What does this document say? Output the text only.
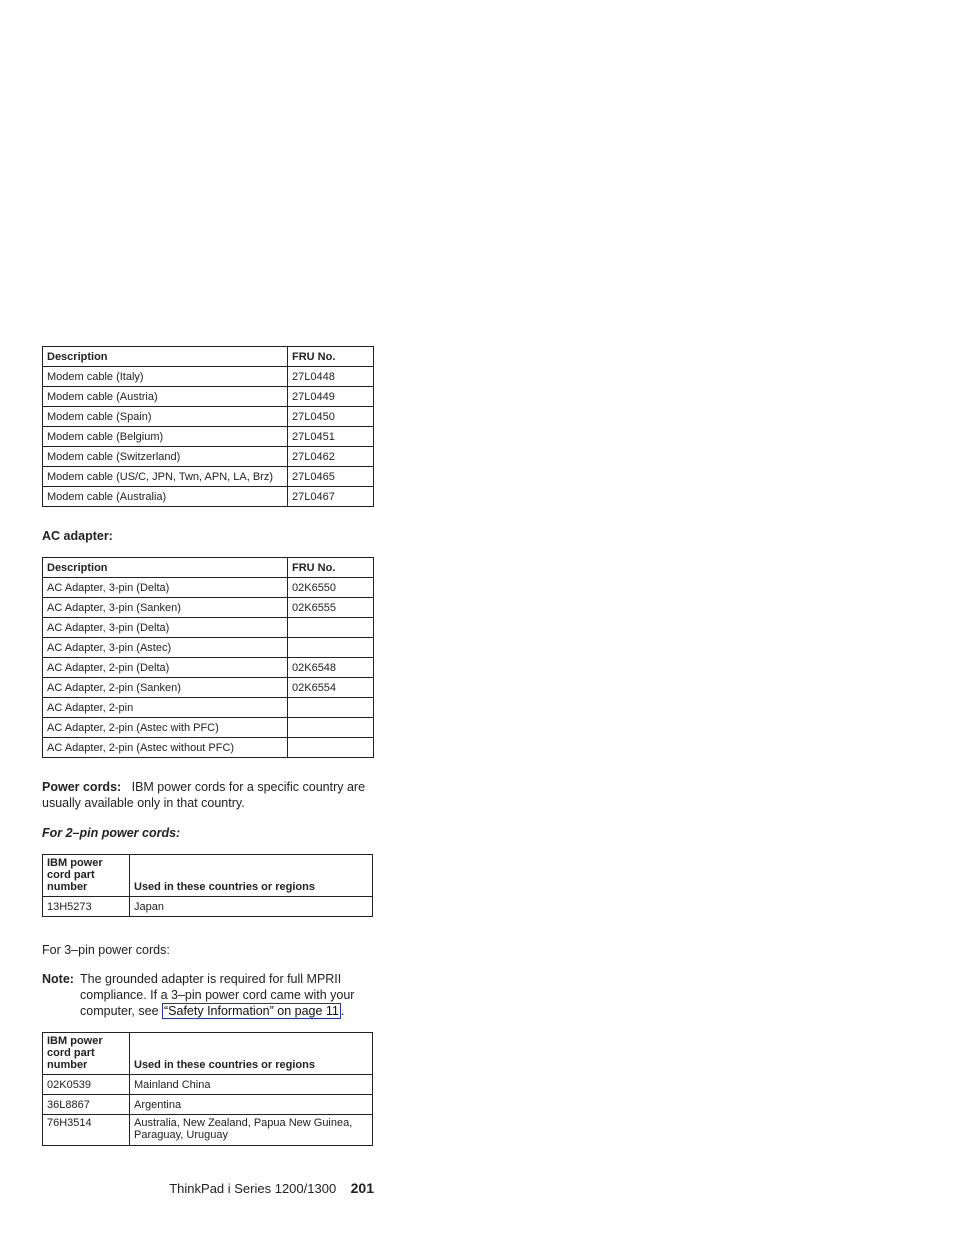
Description	FRU No.
Modem cable (Italy)	27L0448
Modem cable (Austria)	27L0449
Modem cable (Spain)	27L0450
Modem cable (Belgium)	27L0451
Modem cable (Switzerland)	27L0462
Modem cable (US/C, JPN, Twn, APN, LA, Brz)	27L0465
Modem cable (Australia)	27L0467
AC adapter:
Description	FRU No.
AC Adapter, 3-pin (Delta)	02K6550
AC Adapter, 3-pin (Sanken)	02K6555
AC Adapter, 3-pin (Delta)	
AC Adapter, 3-pin (Astec)	
AC Adapter, 2-pin (Delta)	02K6548
AC Adapter, 2-pin (Sanken)	02K6554
AC Adapter, 2-pin	
AC Adapter, 2-pin (Astec with PFC)	
AC Adapter, 2-pin (Astec without PFC)	
Power cords: IBM power cords for a specific country are usually available only in that country.
For 2–pin power cords:
IBM power
cord part
number	Used in these countries or regions
13H5273	Japan
For 3–pin power cords:
Note: The grounded adapter is required for full MPRII compliance. If a 3–pin power cord came with your computer, see “Safety Information” on page 11 .
IBM power
cord part
number	Used in these countries or regions
02K0539	Mainland China
36L8867	Argentina
76H3514	Australia, New Zealand, Papua New Guinea, Paraguay, Uruguay
ThinkPad i Series 1200/1300 201
